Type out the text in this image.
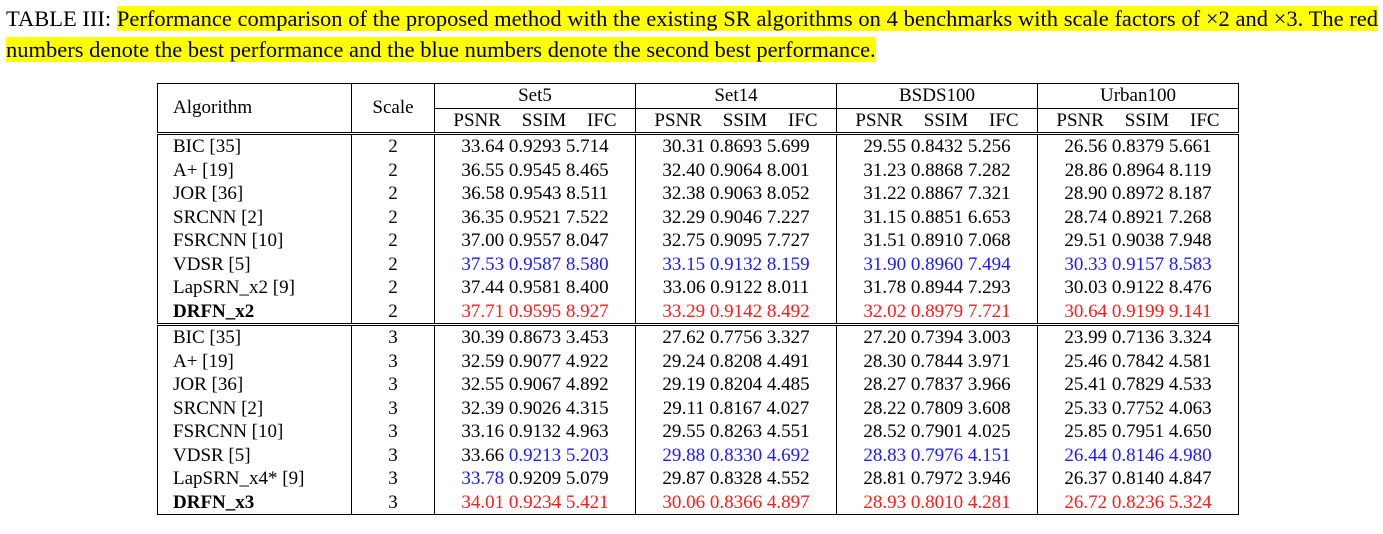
TABLE III: Performance comparison of the proposed method with the existing SR algorithms on 4 benchmarks with scale factors of ×2 and ×3. The red numbers denote the best performance and the blue numbers denote the second best performance.
Algorithm	Scale	Set5	Set14	BSDS100	Urban100

		PSNR SSIM IFC	PSNR SSIM IFC	PSNR SSIM IFC	PSNR SSIM IFC

BIC [35]	2	33.64 0.9293 5.714	30.31 0.8693 5.699	29.55 0.8432 5.256	26.56 0.8379 5.661
A+ [19]	2	36.55 0.9545 8.465	32.40 0.9064 8.001	31.23 0.8868 7.282	28.86 0.8964 8.119
JOR [36]	2	36.58 0.9543 8.511	32.38 0.9063 8.052	31.22 0.8867 7.321	28.90 0.8972 8.187
SRCNN [2]	2	36.35 0.9521 7.522	32.29 0.9046 7.227	31.15 0.8851 6.653	28.74 0.8921 7.268
FSRCNN [10]	2	37.00 0.9557 8.047	32.75 0.9095 7.727	31.51 0.8910 7.068	29.51 0.9038 7.948
VDSR [5]	2	37.53 0.9587 8.580	33.15 0.9132 8.159	31.90 0.8960 7.494	30.33 0.9157 8.583
LapSRN_x2 [9]	2	37.44 0.9581 8.400	33.06 0.9122 8.011	31.78 0.8944 7.293	30.03 0.9122 8.476
DRFN_x2	2	37.71 0.9595 8.927	33.29 0.9142 8.492	32.02 0.8979 7.721	30.64 0.9199 9.141
BIC [35]	3	30.39 0.8673 3.453	27.62 0.7756 3.327	27.20 0.7394 3.003	23.99 0.7136 3.324
A+ [19]	3	32.59 0.9077 4.922	29.24 0.8208 4.491	28.30 0.7844 3.971	25.46 0.7842 4.581
JOR [36]	3	32.55 0.9067 4.892	29.19 0.8204 4.485	28.27 0.7837 3.966	25.41 0.7829 4.533
SRCNN [2]	3	32.39 0.9026 4.315	29.11 0.8167 4.027	28.22 0.7809 3.608	25.33 0.7752 4.063
FSRCNN [10]	3	33.16 0.9132 4.963	29.55 0.8263 4.551	28.52 0.7901 4.025	25.85 0.7951 4.650
VDSR [5]	3	33.66 0.9213 5.203	29.88 0.8330 4.692	28.83 0.7976 4.151	26.44 0.8146 4.980
LapSRN_x4* [9]	3	33.78 0.9209 5.079	29.87 0.8328 4.552	28.81 0.7972 3.946	26.37 0.8140 4.847
DRFN_x3	3	34.01 0.9234 5.421	30.06 0.8366 4.897	28.93 0.8010 4.281	26.72 0.8236 5.324
